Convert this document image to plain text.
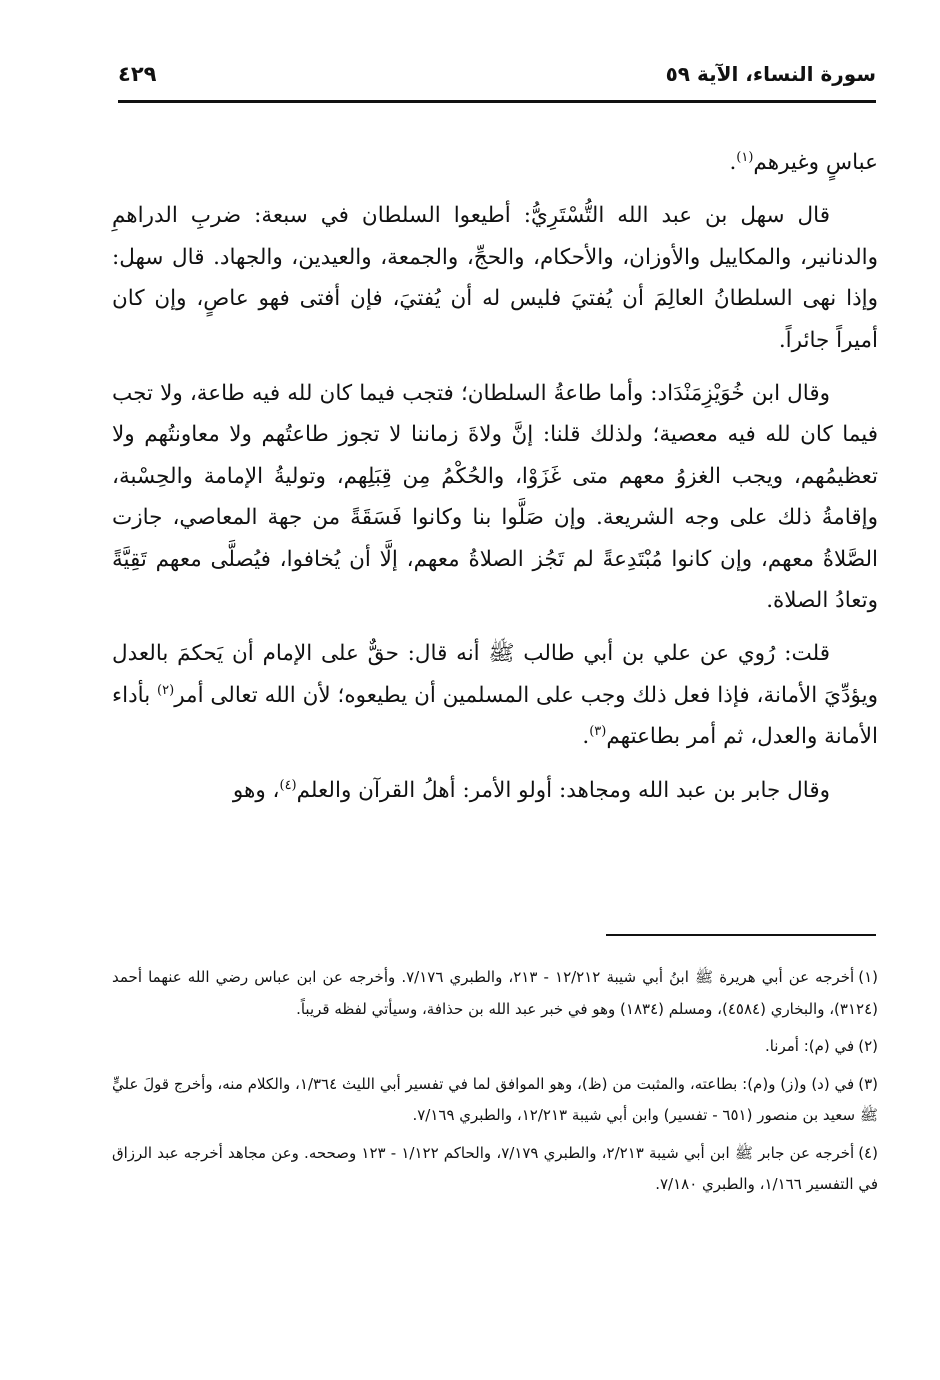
سورة النساء، الآية ٥٩
٤٢٩

عباسٍ وغيرهم$^{(١)}$.

قال سهل بن عبد الله التُّسْتَرِيُّ: أطيعوا السلطان في سبعة: ضربِ الدراهمِ والدنانير، والمكاييل والأوزان، والأحكام، والحجِّ، والجمعة، والعيدين، والجهاد. قال سهل: وإذا نهى السلطانُ العالِمَ أن يُفتيَ فليس له أن يُفتيَ، فإن أفتى فهو عاصٍ، وإن كان أميراً جائراً.

وقال ابن خُوَيْزِمَنْدَاد: وأما طاعةُ السلطان؛ فتجب فيما كان لله فيه طاعة، ولا تجب فيما كان لله فيه معصية؛ ولذلك قلنا: إنَّ ولاةَ زماننا لا تجوز طاعتُهم ولا معاونتُهم ولا تعظيمُهم، ويجب الغزوُ معهم متى غَزَوْا، والحُكْمُ مِن قِبَلِهم، وتوليةُ الإمامة والحِسْبة، وإقامةُ ذلك على وجه الشريعة. وإن صَلَّوا بنا وكانوا فَسَقَةً من جهة المعاصي، جازت الصَّلاةُ معهم، وإن كانوا مُبْتَدِعةً لم تَجُز الصلاةُ معهم، إلَّا أن يُخافوا، فيُصلَّى معهم تَقِيَّةً وتعادُ الصلاة.

قلت: رُوي عن علي بن أبي طالب ﷺ أنه قال: حقٌّ على الإمام أن يَحكمَ بالعدل ويؤدِّيَ الأمانة، فإذا فعل ذلك وجب على المسلمين أن يطيعوه؛ لأن الله تعالى أمر$^{(٢)}$ بأداء الأمانة والعدل، ثم أمر بطاعتهم$^{(٣)}$.

وقال جابر بن عبد الله ومجاهد: أولو الأمر: أهلُ القرآن والعلم$^{(٤)}$، وهو

(١)أخرجه عن أبي هريرة ﷺ ابنُ أبي شيبة ١٢/٢١٢ - ٢١٣، والطبري ٧/١٧٦. وأخرجه عن ابن عباس رضي الله عنهما أحمد (٣١٢٤)، والبخاري (٤٥٨٤)، ومسلم (١٨٣٤) وهو في خبر عبد الله بن حذافة، وسيأتي لفظه قريباً.
(٢)في (م): أمرنا.
(٣)في (د) و(ز) و(م): بطاعته، والمثبت من (ظ)، وهو الموافق لما في تفسير أبي الليث ١/٣٦٤، والكلام منه، وأخرج قولَ عليٍّ ﷺ سعيد بن منصور (٦٥١ - تفسير) وابن أبي شيبة ١٢/٢١٣، والطبري ٧/١٦٩.
(٤)أخرجه عن جابر ﷺ ابن أبي شيبة ٢/٢١٣، والطبري ٧/١٧٩، والحاكم ١/١٢٢ - ١٢٣ وصححه. وعن مجاهد أخرجه عبد الرزاق في التفسير ١/١٦٦، والطبري ٧/١٨٠.
